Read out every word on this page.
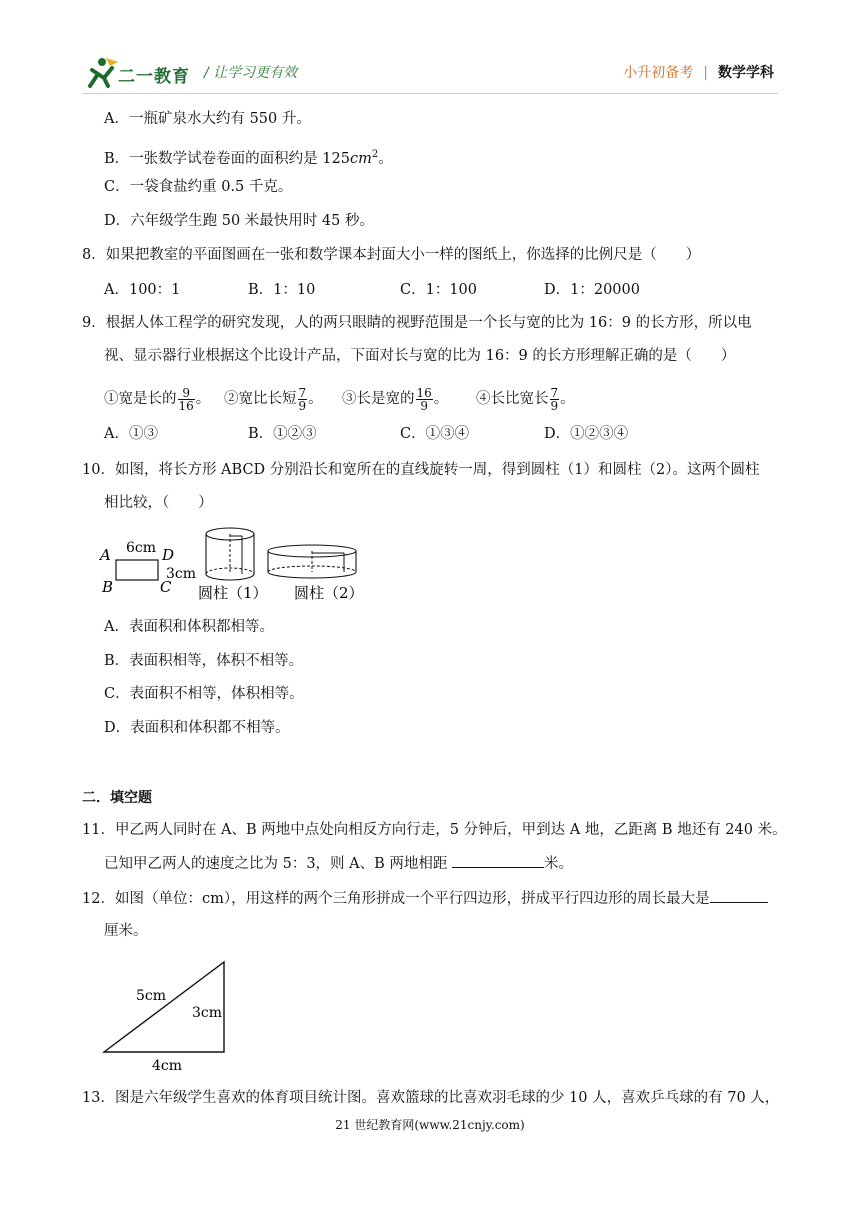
二一教育 / 让学习更有效	小升初备考 | 数学学科
A．一瓶矿泉水大约有 550 升。
B．一张数学试卷卷面的面积约是 $125cm^2$。
C．一袋食盐约重 0.5 千克。
D．六年级学生跑 50 米最快用时 45 秒。
8．如果把教室的平面图画在一张和数学课本封面大小一样的图纸上，你选择的比例尺是（　　）
A．100：1	B．1：10	C．1：100	D．1：20000
9．根据人体工程学的研究发现，人的两只眼睛的视野范围是一个长与宽的比为 16：9 的长方形，所以电
视、显示器行业根据这个比设计产品，下面对长与宽的比为 16：9 的长方形理解正确的是（　　）
①宽是长的 $\frac{9}{16}$ 。 ②宽比长短 $\frac{7}{9}$ 。 ③长是宽的 $\frac{16}{9}$ 。 ④长比宽长 $\frac{7}{9}$ 。
A．①③	B．①②③	C．①③④	D．①②③④
10．如图，将长方形 ABCD 分别沿长和宽所在的直线旋转一周，得到圆柱（1）和圆柱（2）。这两个圆柱
相比较，（　　）
A 6cm D
3cm
B	C 圆柱（1） 圆柱（2）
A．表面积和体积都相等。
B．表面积相等，体积不相等。
C．表面积不相等，体积相等。
D．表面积和体积都不相等。
二．填空题
11．甲乙两人同时在 A、B 两地中点处向相反方向行走，5 分钟后，甲到达 A 地，乙距离 B 地还有 240 米。
已知甲乙两人的速度之比为 5：3，则 A、B 两地相距	米。
12．如图（单位：cm），用这样的两个三角形拼成一个平行四边形，拼成平行四边形的周长最大是
厘米。
5cm
3cm
4cm
13．图是六年级学生喜欢的体育项目统计图。喜欢篮球的比喜欢羽毛球的少 10 人，喜欢乒乓球的有 70 人，
21 世纪教育网(www.21cnjy.com)
